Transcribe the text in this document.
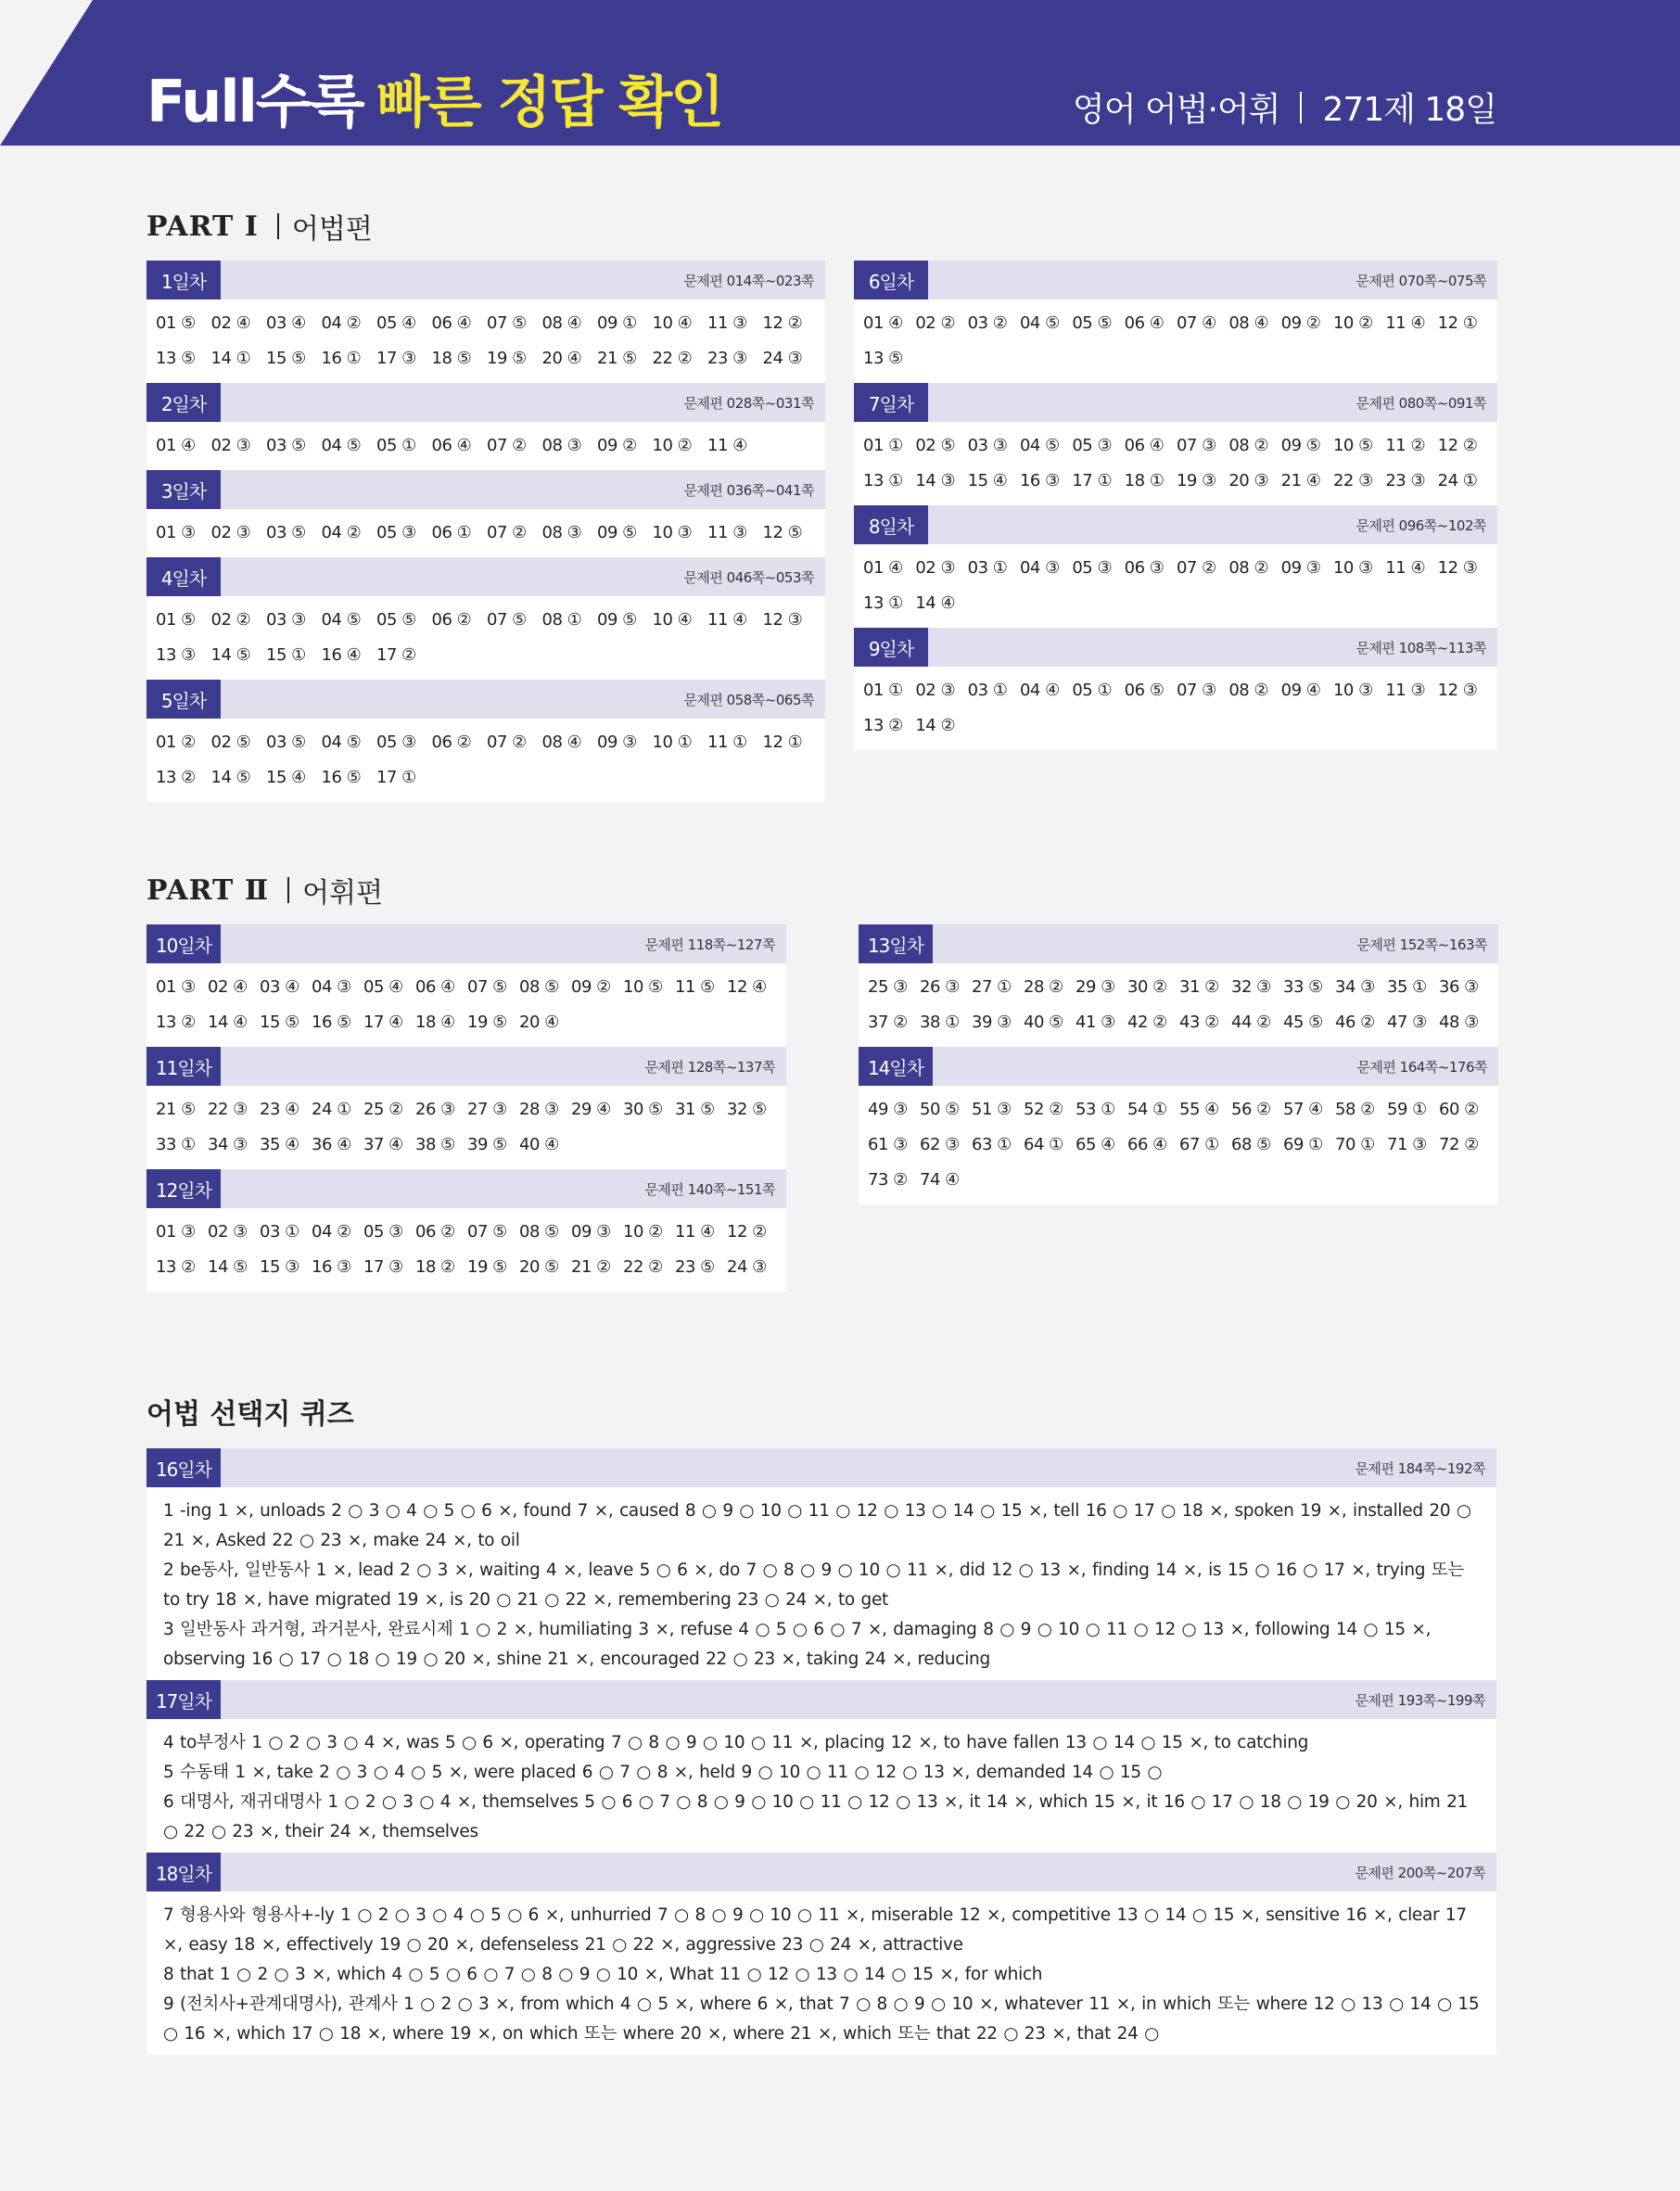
Full수록 빠른 정답 확인	영어 어법·어휘 271제 18일
PART Ⅰ 어법편
1일차	문제편 014쪽~023쪽
01 ⑤ 02 ④ 03 ④ 04 ② 05 ④ 06 ④ 07 ⑤ 08 ④ 09 ① 10 ④ 11 ③ 12 ②
13 ⑤ 14 ① 15 ⑤ 16 ① 17 ③ 18 ⑤ 19 ⑤ 20 ④ 21 ⑤ 22 ② 23 ③ 24 ③
2일차	문제편 028쪽~031쪽
01 ④ 02 ③ 03 ⑤ 04 ⑤ 05 ① 06 ④ 07 ② 08 ③ 09 ② 10 ② 11 ④
3일차	문제편 036쪽~041쪽
01 ③ 02 ③ 03 ⑤ 04 ② 05 ③ 06 ① 07 ② 08 ③ 09 ⑤ 10 ③ 11 ③ 12 ⑤
4일차	문제편 046쪽~053쪽
01 ⑤ 02 ② 03 ③ 04 ⑤ 05 ⑤ 06 ② 07 ⑤ 08 ① 09 ⑤ 10 ④ 11 ④ 12 ③
13 ③ 14 ⑤ 15 ① 16 ④ 17 ②
5일차	문제편 058쪽~065쪽
01 ② 02 ⑤ 03 ⑤ 04 ⑤ 05 ③ 06 ② 07 ② 08 ④ 09 ③ 10 ① 11 ① 12 ①
13 ② 14 ⑤ 15 ④ 16 ⑤ 17 ①
6일차	문제편 070쪽~075쪽
01 ④ 02 ② 03 ② 04 ⑤ 05 ⑤ 06 ④ 07 ④ 08 ④ 09 ② 10 ② 11 ④ 12 ①
13 ⑤
7일차	문제편 080쪽~091쪽
01 ① 02 ⑤ 03 ③ 04 ⑤ 05 ③ 06 ④ 07 ③ 08 ② 09 ⑤ 10 ⑤ 11 ② 12 ②
13 ① 14 ③ 15 ④ 16 ③ 17 ① 18 ① 19 ③ 20 ③ 21 ④ 22 ③ 23 ③ 24 ①
8일차	문제편 096쪽~102쪽
01 ④ 02 ③ 03 ① 04 ③ 05 ③ 06 ③ 07 ② 08 ② 09 ③ 10 ③ 11 ④ 12 ③
13 ① 14 ④
9일차	문제편 108쪽~113쪽
01 ① 02 ③ 03 ① 04 ④ 05 ① 06 ⑤ 07 ③ 08 ② 09 ④ 10 ③ 11 ③ 12 ③
13 ② 14 ②
PART Ⅱ 어휘편
10일차	문제편 118쪽~127쪽
01 ③ 02 ④ 03 ④ 04 ③ 05 ④ 06 ④ 07 ⑤ 08 ⑤ 09 ② 10 ⑤ 11 ⑤ 12 ④
13 ② 14 ④ 15 ⑤ 16 ⑤ 17 ④ 18 ④ 19 ⑤ 20 ④
11일차	문제편 128쪽~137쪽
21 ⑤ 22 ③ 23 ④ 24 ① 25 ② 26 ③ 27 ③ 28 ③ 29 ④ 30 ⑤ 31 ⑤ 32 ⑤
33 ① 34 ③ 35 ④ 36 ④ 37 ④ 38 ⑤ 39 ⑤ 40 ④
12일차	문제편 140쪽~151쪽
01 ③ 02 ③ 03 ① 04 ② 05 ③ 06 ② 07 ⑤ 08 ⑤ 09 ③ 10 ② 11 ④ 12 ②
13 ② 14 ⑤ 15 ③ 16 ③ 17 ③ 18 ② 19 ⑤ 20 ⑤ 21 ② 22 ② 23 ⑤ 24 ③
13일차	문제편 152쪽~163쪽
25 ③ 26 ③ 27 ① 28 ② 29 ③ 30 ② 31 ② 32 ③ 33 ⑤ 34 ③ 35 ① 36 ③
37 ② 38 ① 39 ③ 40 ⑤ 41 ③ 42 ② 43 ② 44 ② 45 ⑤ 46 ② 47 ③ 48 ③
14일차	문제편 164쪽~176쪽
49 ③ 50 ⑤ 51 ③ 52 ② 53 ① 54 ① 55 ④ 56 ② 57 ④ 58 ② 59 ① 60 ②
61 ③ 62 ③ 63 ① 64 ① 65 ④ 66 ④ 67 ① 68 ⑤ 69 ① 70 ① 71 ③ 72 ②
73 ② 74 ④
어법 선택지 퀴즈
16일차	문제편 184쪽~192쪽
1 -ing 1 ×, unloads 2 ○ 3 ○ 4 ○ 5 ○ 6 ×, found 7 ×, caused 8 ○ 9 ○ 10 ○ 11 ○ 12 ○ 13 ○ 14 ○ 15 ×, tell 16 ○ 17 ○ 18 ×, spoken 19 ×, installed 20 ○ 21 ×, Asked 22 ○ 23 ×, make 24 ×, to oil
2 be동사, 일반동사 1 ×, lead 2 ○ 3 ×, waiting 4 ×, leave 5 ○ 6 ×, do 7 ○ 8 ○ 9 ○ 10 ○ 11 ×, did 12 ○ 13 ×, finding 14 ×, is 15 ○ 16 ○ 17 ×, trying 또는 to try 18 ×, have migrated 19 ×, is 20 ○ 21 ○ 22 ×, remembering 23 ○ 24 ×, to get
3 일반동사 과거형, 과거분사, 완료시제 1 ○ 2 ×, humiliating 3 ×, refuse 4 ○ 5 ○ 6 ○ 7 ×, damaging 8 ○ 9 ○ 10 ○ 11 ○ 12 ○ 13 ×, following 14 ○ 15 ×, observing 16 ○ 17 ○ 18 ○ 19 ○ 20 ×, shine 21 ×, encouraged 22 ○ 23 ×, taking 24 ×, reducing
17일차	문제편 193쪽~199쪽
4 to부정사 1 ○ 2 ○ 3 ○ 4 ×, was 5 ○ 6 ×, operating 7 ○ 8 ○ 9 ○ 10 ○ 11 ×, placing 12 ×, to have fallen 13 ○ 14 ○ 15 ×, to catching
5 수동태 1 ×, take 2 ○ 3 ○ 4 ○ 5 ×, were placed 6 ○ 7 ○ 8 ×, held 9 ○ 10 ○ 11 ○ 12 ○ 13 ×, demanded 14 ○ 15 ○
6 대명사, 재귀대명사 1 ○ 2 ○ 3 ○ 4 ×, themselves 5 ○ 6 ○ 7 ○ 8 ○ 9 ○ 10 ○ 11 ○ 12 ○ 13 ×, it 14 ×, which 15 ×, it 16 ○ 17 ○ 18 ○ 19 ○ 20 ×, him 21 ○ 22 ○ 23 ×, their 24 ×, themselves
18일차	문제편 200쪽~207쪽
7 형용사와 형용사+-ly 1 ○ 2 ○ 3 ○ 4 ○ 5 ○ 6 ×, unhurried 7 ○ 8 ○ 9 ○ 10 ○ 11 ×, miserable 12 ×, competitive 13 ○ 14 ○ 15 ×, sensitive 16 ×, clear 17 ×, easy 18 ×, effectively 19 ○ 20 ×, defenseless 21 ○ 22 ×, aggressive 23 ○ 24 ×, attractive
8 that 1 ○ 2 ○ 3 ×, which 4 ○ 5 ○ 6 ○ 7 ○ 8 ○ 9 ○ 10 ×, What 11 ○ 12 ○ 13 ○ 14 ○ 15 ×, for which
9 (전치사+관계대명사), 관계사 1 ○ 2 ○ 3 ×, from which 4 ○ 5 ×, where 6 ×, that 7 ○ 8 ○ 9 ○ 10 ×, whatever 11 ×, in which 또는 where 12 ○ 13 ○ 14 ○ 15 ○ 16 ×, which 17 ○ 18 ×, where 19 ×, on which 또는 where 20 ×, where 21 ×, which 또는 that 22 ○ 23 ×, that 24 ○
